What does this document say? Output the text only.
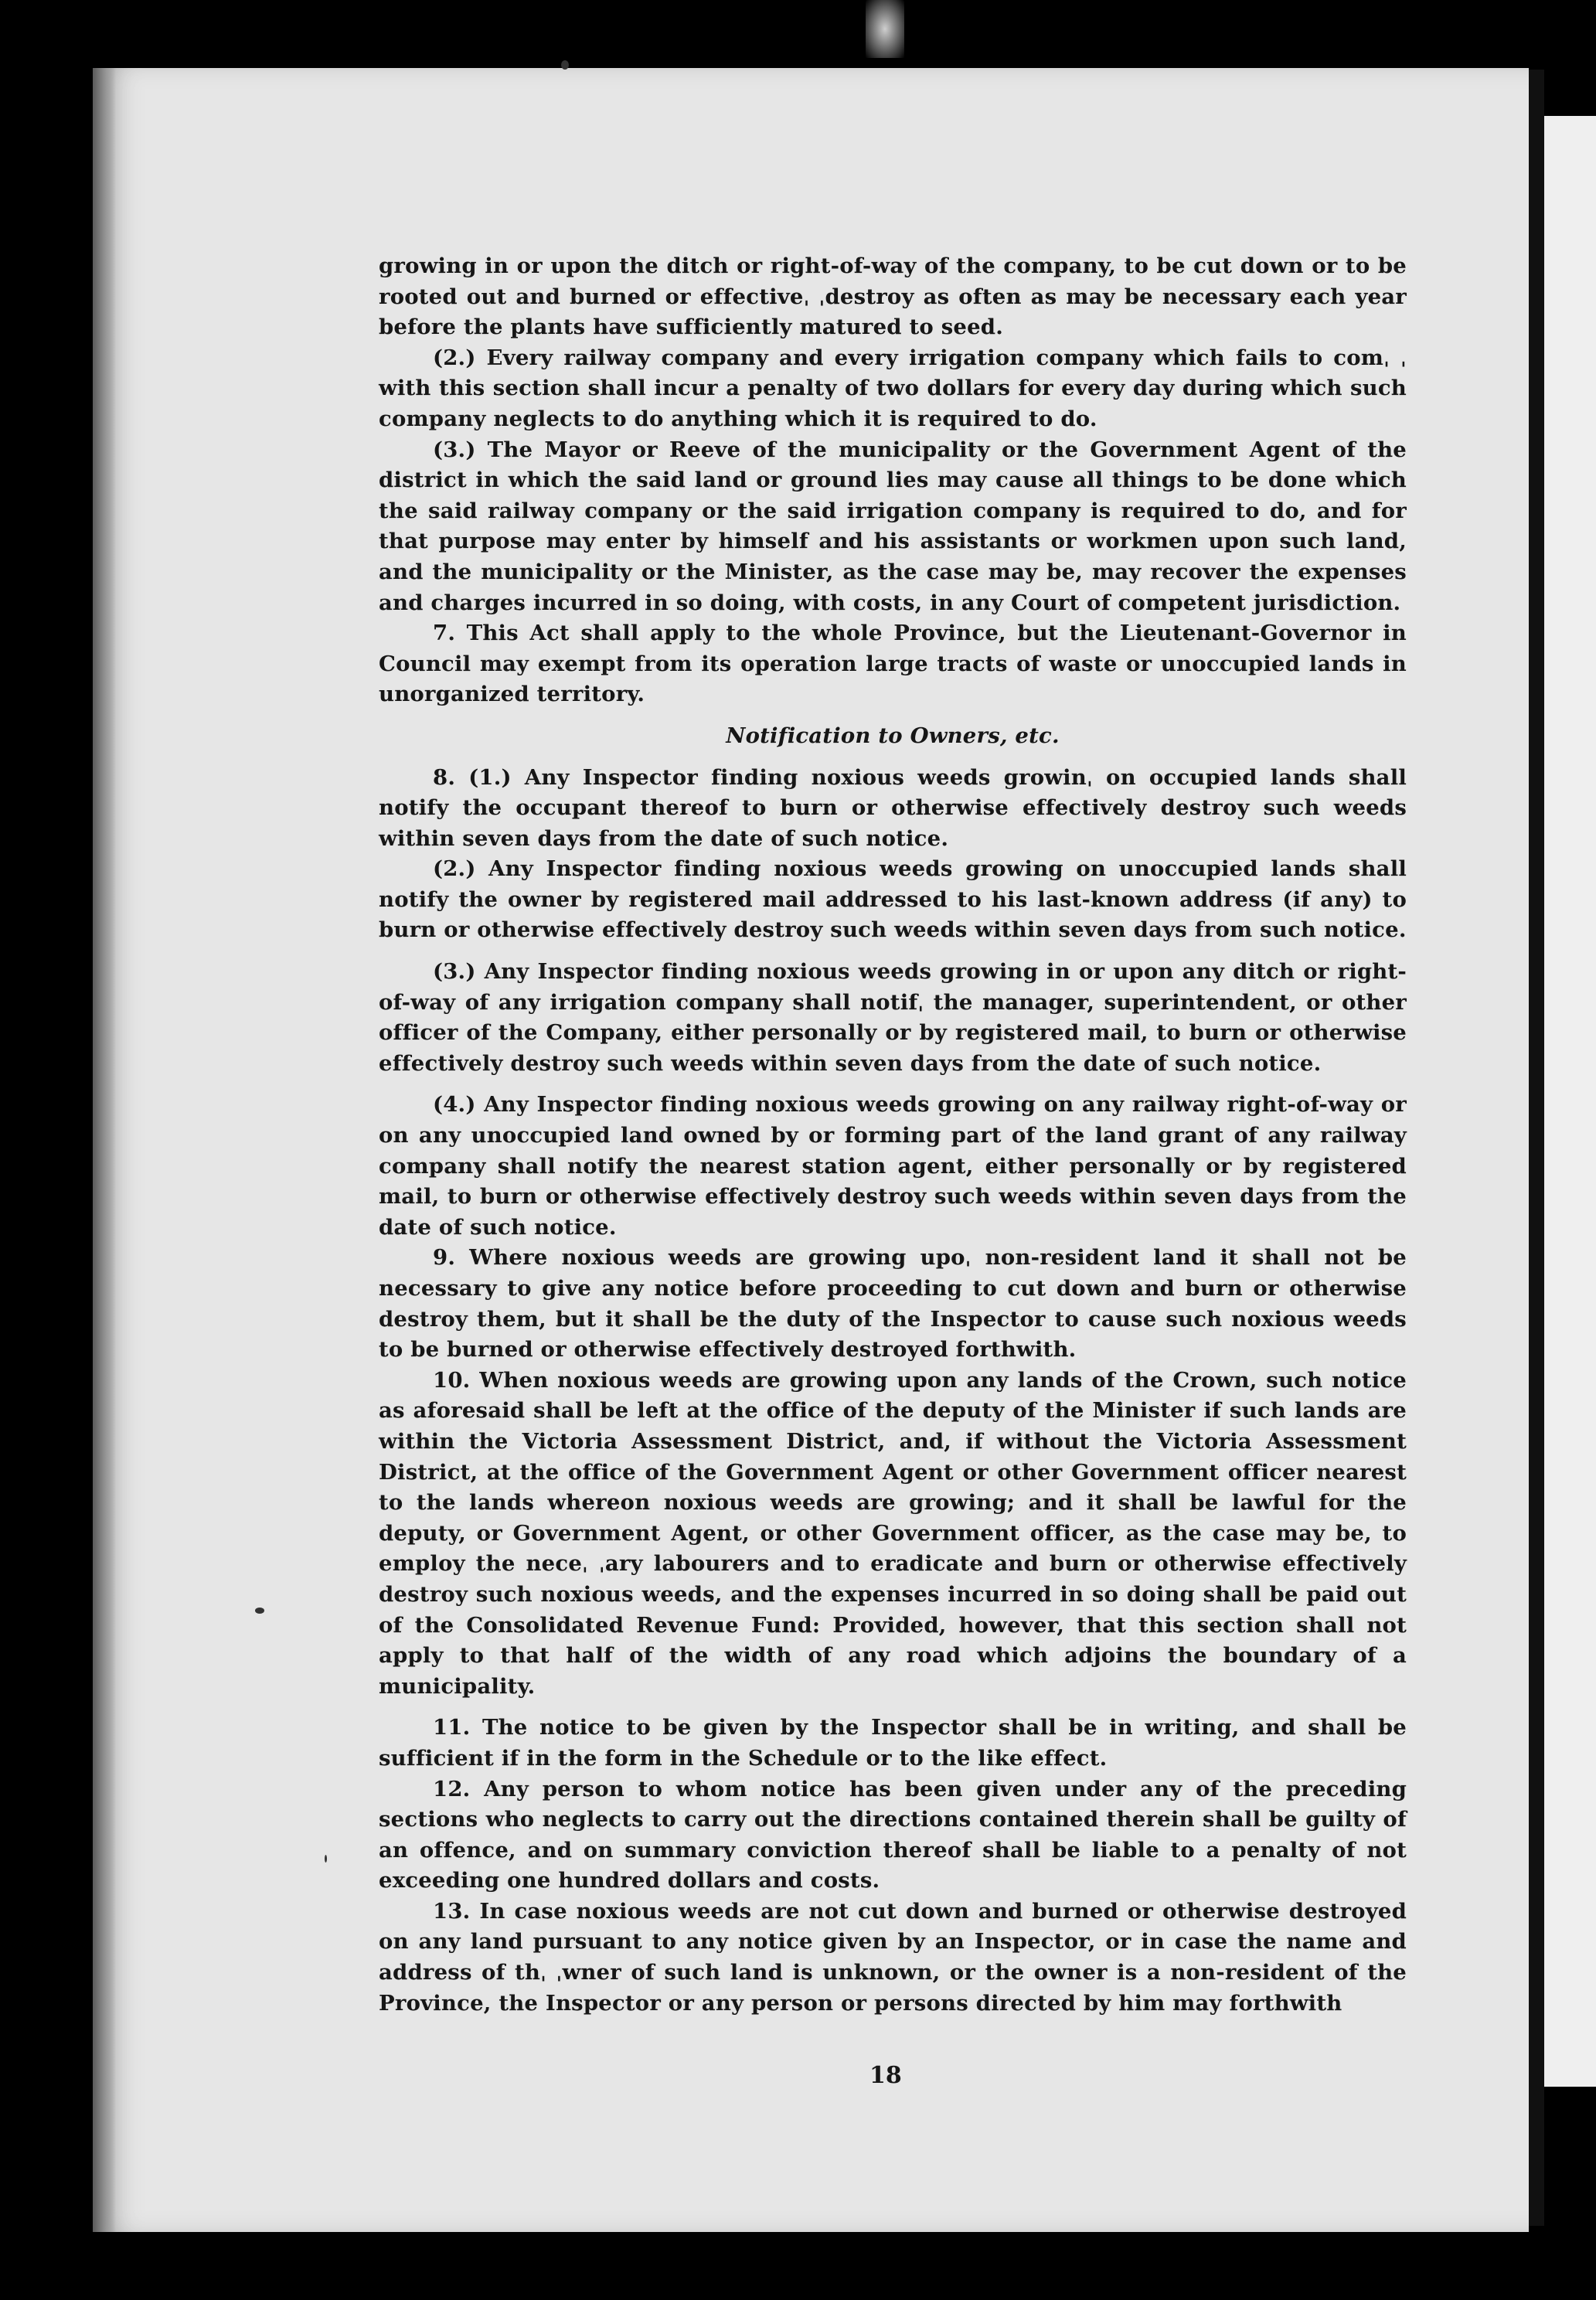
growing in or upon the ditch or right-of-way of the company, to be cut down or to be rooted out and burned or effectiveˌ ˌdestroy as often as may be necessary each year before the plants have sufficiently matured to seed.

(2.) Every railway company and every irrigation company which fails to comˌ ˌ with this section shall incur a penalty of two dollars for every day during which such company neglects to do anything which it is required to do.

(3.) The Mayor or Reeve of the municipality or the Government Agent of the district in which the said land or ground lies may cause all things to be done which the said railway company or the said irrigation company is required to do, and for that purpose may enter by himself and his assistants or workmen upon such land, and the municipality or the Minister, as the case may be, may recover the expenses and charges incurred in so doing, with costs, in any Court of competent jurisdiction.

7. This Act shall apply to the whole Province, but the Lieutenant-Governor in Council may exempt from its operation large tracts of waste or unoccupied lands in unorganized territory.

Notification to Owners, etc.

8. (1.) Any Inspector finding noxious weeds growinˌ on occupied lands shall notify the occupant thereof to burn or otherwise effectively destroy such weeds within seven days from the date of such notice.

(2.) Any Inspector finding noxious weeds growing on unoccupied lands shall notify the owner by registered mail addressed to his last-known address (if any) to burn or otherwise effectively destroy such weeds within seven days from such notice.

(3.) Any Inspector finding noxious weeds growing in or upon any ditch or right-of-way of any irrigation company shall notifˌ the manager, superintendent, or other officer of the Company, either personally or by registered mail, to burn or otherwise effectively destroy such weeds within seven days from the date of such notice.

(4.) Any Inspector finding noxious weeds growing on any railway right-of-way or on any unoccupied land owned by or forming part of the land grant of any railway company shall notify the nearest station agent, either personally or by registered mail, to burn or otherwise effectively destroy such weeds within seven days from the date of such notice.

9. Where noxious weeds are growing upoˌ non-resident land it shall not be necessary to give any notice before proceeding to cut down and burn or otherwise destroy them, but it shall be the duty of the Inspector to cause such noxious weeds to be burned or otherwise effectively destroyed forthwith.

10. When noxious weeds are growing upon any lands of the Crown, such notice as aforesaid shall be left at the office of the deputy of the Minister if such lands are within the Victoria Assessment District, and, if without the Victoria Assessment District, at the office of the Government Agent or other Government officer nearest to the lands whereon noxious weeds are growing; and it shall be lawful for the deputy, or Government Agent, or other Government officer, as the case may be, to employ the neceˌ ˌary labourers and to eradicate and burn or otherwise effectively destroy such noxious weeds, and the expenses incurred in so doing shall be paid out of the Consolidated Revenue Fund: Provided, however, that this section shall not apply to that half of the width of any road which adjoins the boundary of a municipality.

11. The notice to be given by the Inspector shall be in writing, and shall be sufficient if in the form in the Schedule or to the like effect.

12. Any person to whom notice has been given under any of the preceding sections who neglects to carry out the directions contained therein shall be guilty of an offence, and on summary conviction thereof shall be liable to a penalty of not exceeding one hundred dollars and costs.

13. In case noxious weeds are not cut down and burned or otherwise destroyed on any land pursuant to any notice given by an Inspector, or in case the name and address of thˌ ˌwner of such land is unknown, or the owner is a non-resident of the Province, the Inspector or any person or persons directed by him may forthwith

18
